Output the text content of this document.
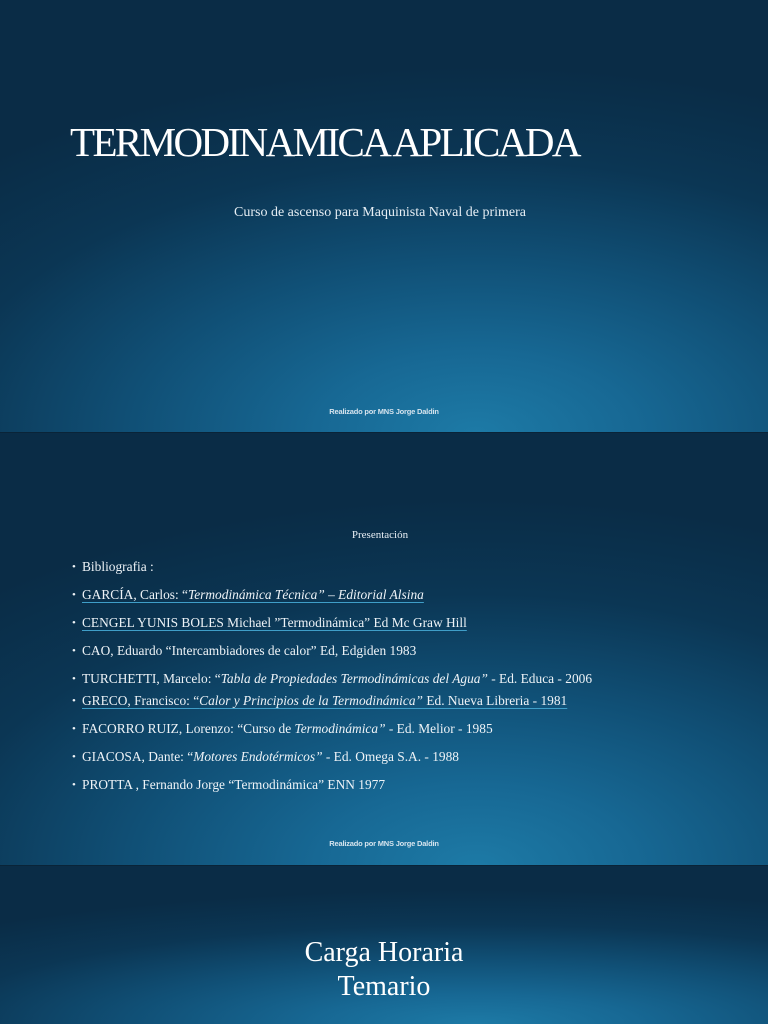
TERMODINAMICA APLICADA

Curso de ascenso para Maquinista Naval de primera

Realizado por MNS Jorge Daldin

Presentación

• Bibliografia :
• GARCÍA, Carlos: “Termodinámica Técnica” – Editorial Alsina
• CENGEL YUNIS BOLES Michael ”Termodinámica” Ed Mc Graw Hill
• CAO, Eduardo “Intercambiadores de calor” Ed, Edgiden 1983
• TURCHETTI, Marcelo: “Tabla de Propiedades Termodinámicas del Agua” - Ed. Educa - 2006
• GRECO, Francisco: “Calor y Principios de la Termodinámica” Ed. Nueva Libreria - 1981
• FACORRO RUIZ, Lorenzo: “Curso de Termodinámica” - Ed. Melior - 1985
• GIACOSA, Dante: “Motores Endotérmicos” - Ed. Omega S.A. - 1988
• PROTTA , Fernando Jorge “Termodinámica” ENN 1977
Realizado por MNS Jorge Daldin
Carga Horaria
Temario
